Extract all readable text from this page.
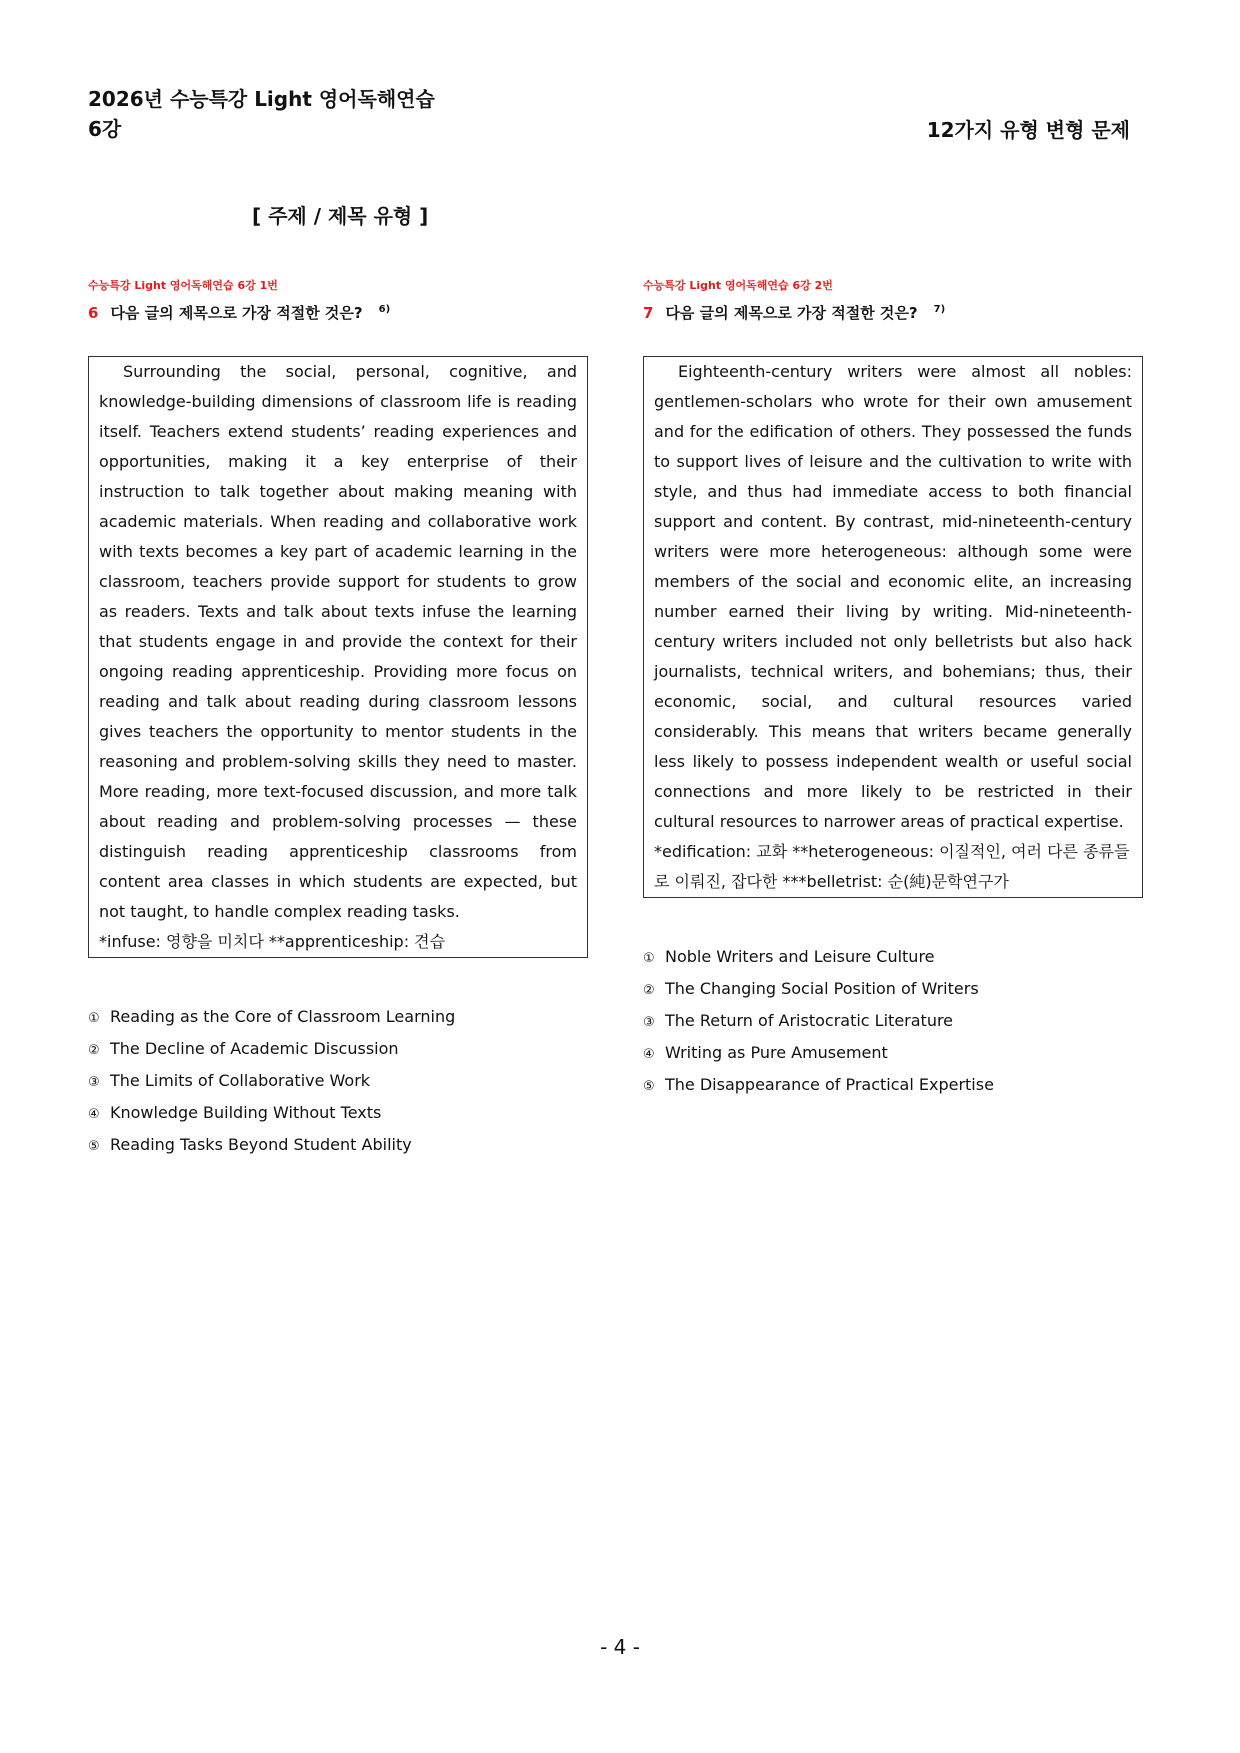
2026년 수능특강 Light 영어독해연습

6강	12가지 유형 변형 문제
[ 주제 / 제목 유형 ]
수능특강 Light 영어독해연습 6강 1번
6 다음 글의 제목으로 가장 적절한 것은? $^{6)}$
Surrounding the social, personal, cognitive, and knowledge-building dimensions of classroom life is reading itself. Teachers extend students’ reading experiences and opportunities, making it a key enterprise of their instruction to talk together about making meaning with academic materials. When reading and collaborative work with texts becomes a key part of academic learning in the classroom, teachers provide support for students to grow as readers. Texts and talk about texts infuse the learning that students engage in and provide the context for their ongoing reading apprenticeship. Providing more focus on reading and talk about reading during classroom lessons gives teachers the opportunity to mentor students in the reasoning and problem-solving skills they need to master. More reading, more text-focused discussion, and more talk about reading and problem-solving processes — these distinguish reading apprenticeship classrooms from content area classes in which students are expected, but not taught, to handle complex reading tasks.
*infuse: 영향을 미치다 **apprenticeship: 견습
① Reading as the Core of Classroom Learning
② The Decline of Academic Discussion
③ The Limits of Collaborative Work
④ Knowledge Building Without Texts
⑤ Reading Tasks Beyond Student Ability
수능특강 Light 영어독해연습 6강 2번
7 다음 글의 제목으로 가장 적절한 것은? $^{7)}$
Eighteenth-century writers were almost all nobles: gentlemen-scholars who wrote for their own amusement and for the edification of others. They possessed the funds to support lives of leisure and the cultivation to write with style, and thus had immediate access to both financial support and content. By contrast, mid-nineteenth-century writers were more heterogeneous: although some were members of the social and economic elite, an increasing number earned their living by writing. Mid-nineteenth-century writers included not only belletrists but also hack journalists, technical writers, and bohemians; thus, their economic, social, and cultural resources varied considerably. This means that writers became generally less likely to possess independent wealth or useful social connections and more likely to be restricted in their cultural resources to narrower areas of practical expertise.
*edification: 교화 **heterogeneous: 이질적인, 여러 다른 종류들로 이뤄진, 잡다한 ***belletrist: 순(純)문학연구가
① Noble Writers and Leisure Culture
② The Changing Social Position of Writers
③ The Return of Aristocratic Literature
④ Writing as Pure Amusement
⑤ The Disappearance of Practical Expertise
- 4 -
